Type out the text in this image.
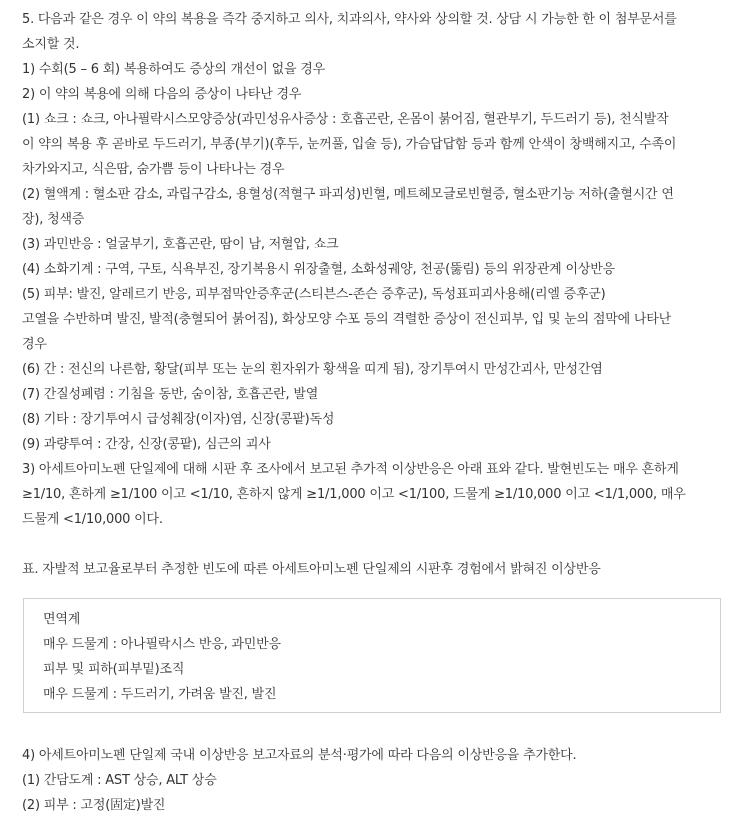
5. 다음과 같은 경우 이 약의 복용을 즉각 중지하고 의사, 치과의사, 약사와 상의할 것. 상담 시 가능한 한 이 첨부문서를
소지할 것.
1) 수회(5 – 6 회) 복용하여도 증상의 개선이 없을 경우
2) 이 약의 복용에 의해 다음의 증상이 나타난 경우
(1) 쇼크 : 쇼크, 아나필락시스모양증상(과민성유사증상 : 호흡곤란, 온몸이 붉어짐, 혈관부기, 두드러기 등), 천식발작
이 약의 복용 후 곧바로 두드러기, 부종(부기)(후두, 눈꺼풀, 입술 등), 가슴답답함 등과 함께 안색이 창백해지고, 수족이
차가와지고, 식은땀, 숨가쁨 등이 나타나는 경우
(2) 혈액계 : 혈소판 감소, 과립구감소, 용혈성(적혈구 파괴성)빈혈, 메트헤모글로빈혈증, 혈소판기능 저하(출혈시간 연
장), 청색증
(3) 과민반응 : 얼굴부기, 호흡곤란, 땀이 남, 저혈압, 쇼크
(4) 소화기계 : 구역, 구토, 식욕부진, 장기복용시 위장출혈, 소화성궤양, 천공(뚫림) 등의 위장관계 이상반응
(5) 피부: 발진, 알레르기 반응, 피부점막안증후군(스티븐스-존슨 증후군), 독성표피괴사용해(리엘 증후군)
고열을 수반하며 발진, 발적(충혈되어 붉어짐), 화상모양 수포 등의 격렬한 증상이 전신피부, 입 및 눈의 점막에 나타난
경우
(6) 간 : 전신의 나른함, 황달(피부 또는 눈의 흰자위가 황색을 띠게 됨), 장기투여시 만성간괴사, 만성간염
(7) 간질성폐렴 : 기침을 동반, 숨이참, 호흡곤란, 발열
(8) 기타 : 장기투여시 급성췌장(이자)염, 신장(콩팥)독성
(9) 과량투여 : 간장, 신장(콩팥), 심근의 괴사
3) 아세트아미노펜 단일제에 대해 시판 후 조사에서 보고된 추가적 이상반응은 아래 표와 같다. 발현빈도는 매우 흔하게
≥1/10, 흔하게 ≥1/100 이고 <1/10, 흔하지 않게 ≥1/1,000 이고 <1/100, 드물게 ≥1/10,000 이고 <1/1,000, 매우
드물게 <1/10,000 이다.
표. 자발적 보고율로부터 추정한 빈도에 따른 아세트아미노펜 단일제의 시판후 경험에서 밝혀진 이상반응
면역계
매우 드물게 : 아나필락시스 반응, 과민반응
피부 및 피하(피부밑)조직
매우 드물게 : 두드러기, 가려움 발진, 발진
4) 아세트아미노펜 단일제 국내 이상반응 보고자료의 분석·평가에 따라 다음의 이상반응을 추가한다.
(1) 간담도계 : AST 상승, ALT 상승
(2) 피부 : 고정(固定)발진
